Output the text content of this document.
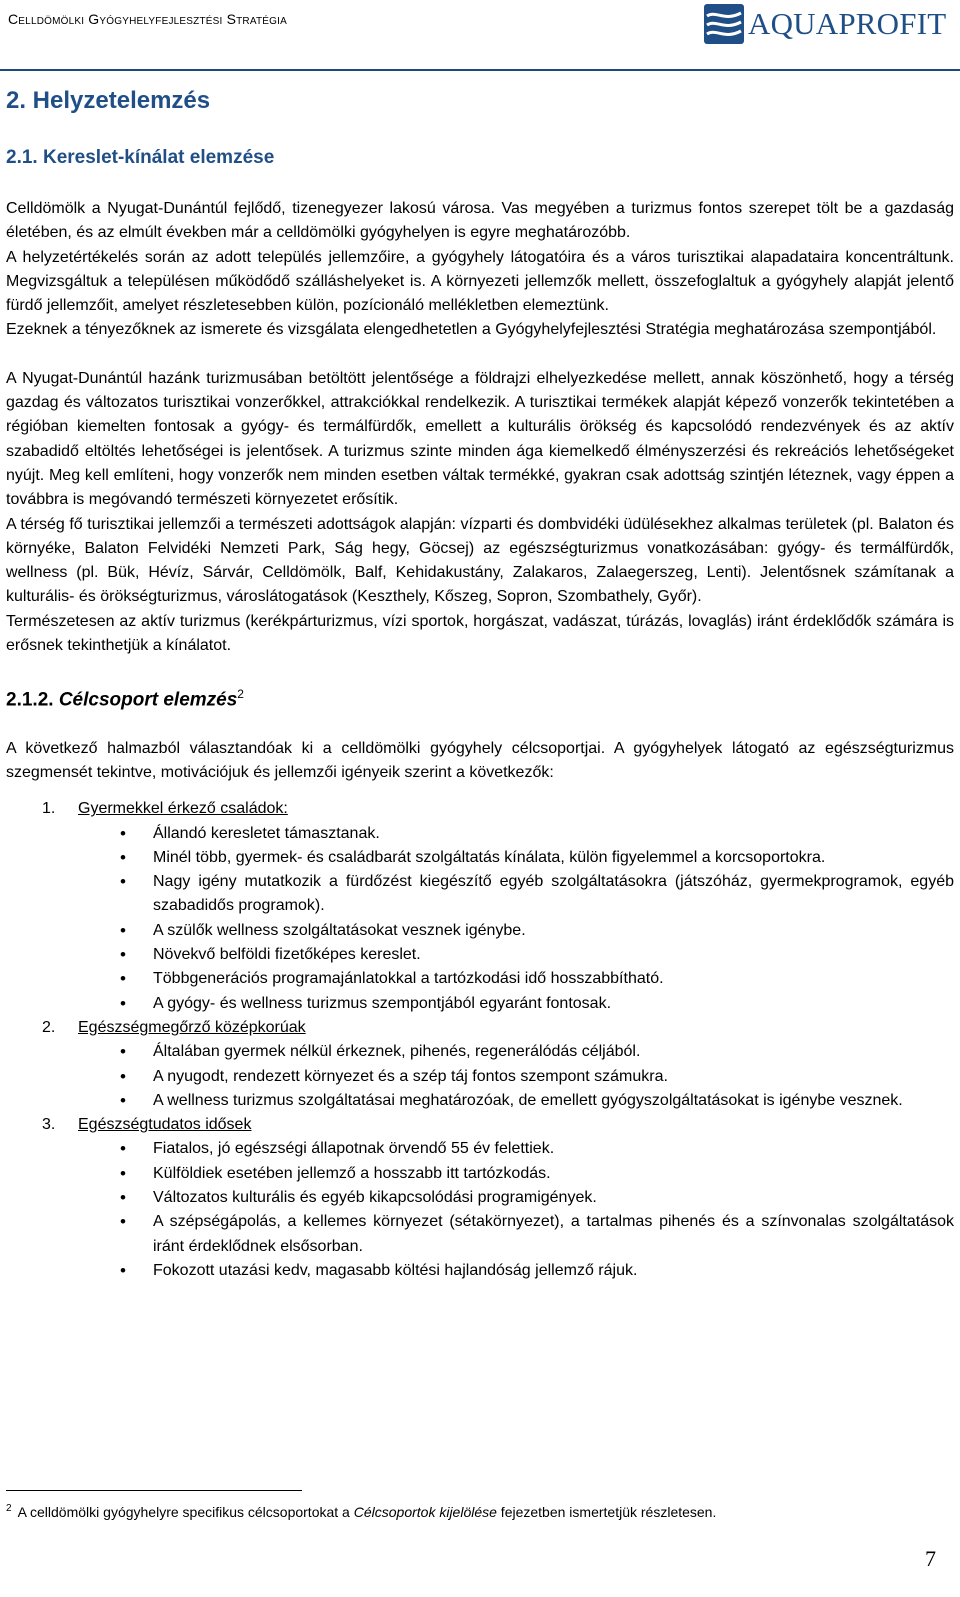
Celldömölki Gyógyhelyfejlesztési Stratégia	AQUAPROFIT
2. Helyzetelemzés
2.1. Kereslet-kínálat elemzése

Celldömölk a Nyugat-Dunántúl fejlődő, tizenegyezer lakosú városa. Vas megyében a turizmus fontos szerepet tölt be a gazdaság életében, és az elmúlt években már a celldömölki gyógyhelyen is egyre meghatározóbb.

A helyzetértékelés során az adott település jellemzőire, a gyógyhely látogatóira és a város turisztikai alapadataira koncentráltunk. Megvizsgáltuk a településen működődő szálláshelyeket is. A környezeti jellemzők mellett, összefoglaltuk a gyógyhely alapját jelentő fürdő jellemzőit, amelyet részletesebben külön, pozícionáló mellékletben elemeztünk.

Ezeknek a tényezőknek az ismerete és vizsgálata elengedhetetlen a Gyógyhelyfejlesztési Stratégia meghatározása szempontjából.

A Nyugat-Dunántúl hazánk turizmusában betöltött jelentősége a földrajzi elhelyezkedése mellett, annak köszönhető, hogy a térség gazdag és változatos turisztikai vonzerőkkel, attrakciókkal rendelkezik. A turisztikai termékek alapját képező vonzerők tekintetében a régióban kiemelten fontosak a gyógy- és termálfürdők, emellett a kulturális örökség és kapcsolódó rendezvények és az aktív szabadidő eltöltés lehetőségei is jelentősek. A turizmus szinte minden ága kiemelkedő élményszerzési és rekreációs lehetőségeket nyújt. Meg kell említeni, hogy vonzerők nem minden esetben váltak termékké, gyakran csak adottság szintjén léteznek, vagy éppen a továbbra is megóvandó természeti környezetet erősítik.

A térség fő turisztikai jellemzői a természeti adottságok alapján: vízparti és dombvidéki üdülésekhez alkalmas területek (pl. Balaton és környéke, Balaton Felvidéki Nemzeti Park, Ság hegy, Göcsej) az egészségturizmus vonatkozásában: gyógy- és termálfürdők, wellness (pl. Bük, Hévíz, Sárvár, Celldömölk, Balf, Kehidakustány, Zalakaros, Zalaegerszeg, Lenti). Jelentősnek számítanak a kulturális- és örökségturizmus, városlátogatások (Keszthely, Kőszeg, Sopron, Szombathely, Győr).

Természetesen az aktív turizmus (kerékpárturizmus, vízi sportok, horgászat, vadászat, túrázás, lovaglás) iránt érdeklődők számára is erősnek tekinthetjük a kínálatot.

2.1.2. Célcsoport elemzés$^2$

A következő halmazból választandóak ki a celldömölki gyógyhely célcsoportjai. A gyógyhelyek látogató az egészségturizmus szegmensét tekintve, motivációjuk és jellemzői igényeik szerint a következők:

1. Gyermekkel érkező családok:
• Állandó keresletet támasztanak.
• Minél több, gyermek- és családbarát szolgáltatás kínálata, külön figyelemmel a korcsoportokra.
• Nagy igény mutatkozik a fürdőzést kiegészítő egyéb szolgáltatásokra (játszóház, gyermekprogramok, egyéb szabadidős programok).
• A szülők wellness szolgáltatásokat vesznek igénybe.
• Növekvő belföldi fizetőképes kereslet.
• Többgenerációs programajánlatokkal a tartózkodási idő hosszabbítható.
• A gyógy- és wellness turizmus szempontjából egyaránt fontosak.
2. Egészségmegőrző középkorúak
• Általában gyermek nélkül érkeznek, pihenés, regenerálódás céljából.
• A nyugodt, rendezett környezet és a szép táj fontos szempont számukra.
• A wellness turizmus szolgáltatásai meghatározóak, de emellett gyógyszolgáltatásokat is igénybe vesznek.
3. Egészségtudatos idősek
• Fiatalos, jó egészségi állapotnak örvendő 55 év felettiek.
• Külföldiek esetében jellemző a hosszabb itt tartózkodás.
• Változatos kulturális és egyéb kikapcsolódási programigények.
• A szépségápolás, a kellemes környezet (sétakörnyezet), a tartalmas pihenés és a színvonalas szolgáltatások iránt érdeklődnek elsősorban.
• Fokozott utazási kedv, magasabb költési hajlandóság jellemző rájuk.
$^2$ A celldömölki gyógyhelyre specifikus célcsoportokat a Célcsoportok kijelölése fejezetben ismertetjük részletesen.
7
